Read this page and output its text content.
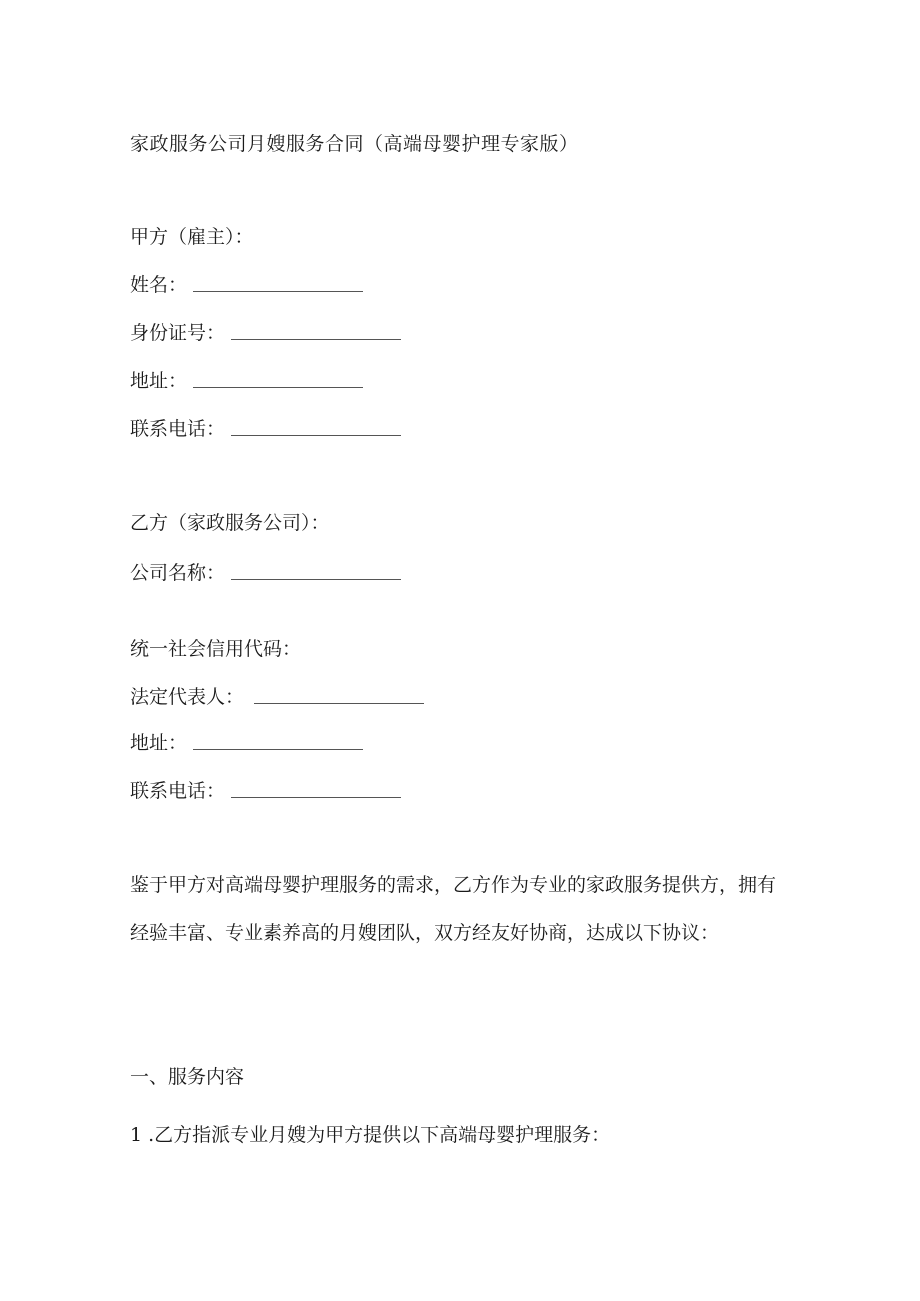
家政服务公司月嫂服务合同（高端母婴护理专家版）
甲方（雇主）：
姓名：
身份证号：
地址：
联系电话：
乙方（家政服务公司）：
公司名称：
统一社会信用代码：
法定代表人：
地址：
联系电话：
鉴于甲方对高端母婴护理服务的需求，乙方作为专业的家政服务提供方，拥有经验丰富、专业素养高的月嫂团队，双方经友好协商，达成以下协议：
一、服务内容
1 .乙方指派专业月嫂为甲方提供以下高端母婴护理服务：
